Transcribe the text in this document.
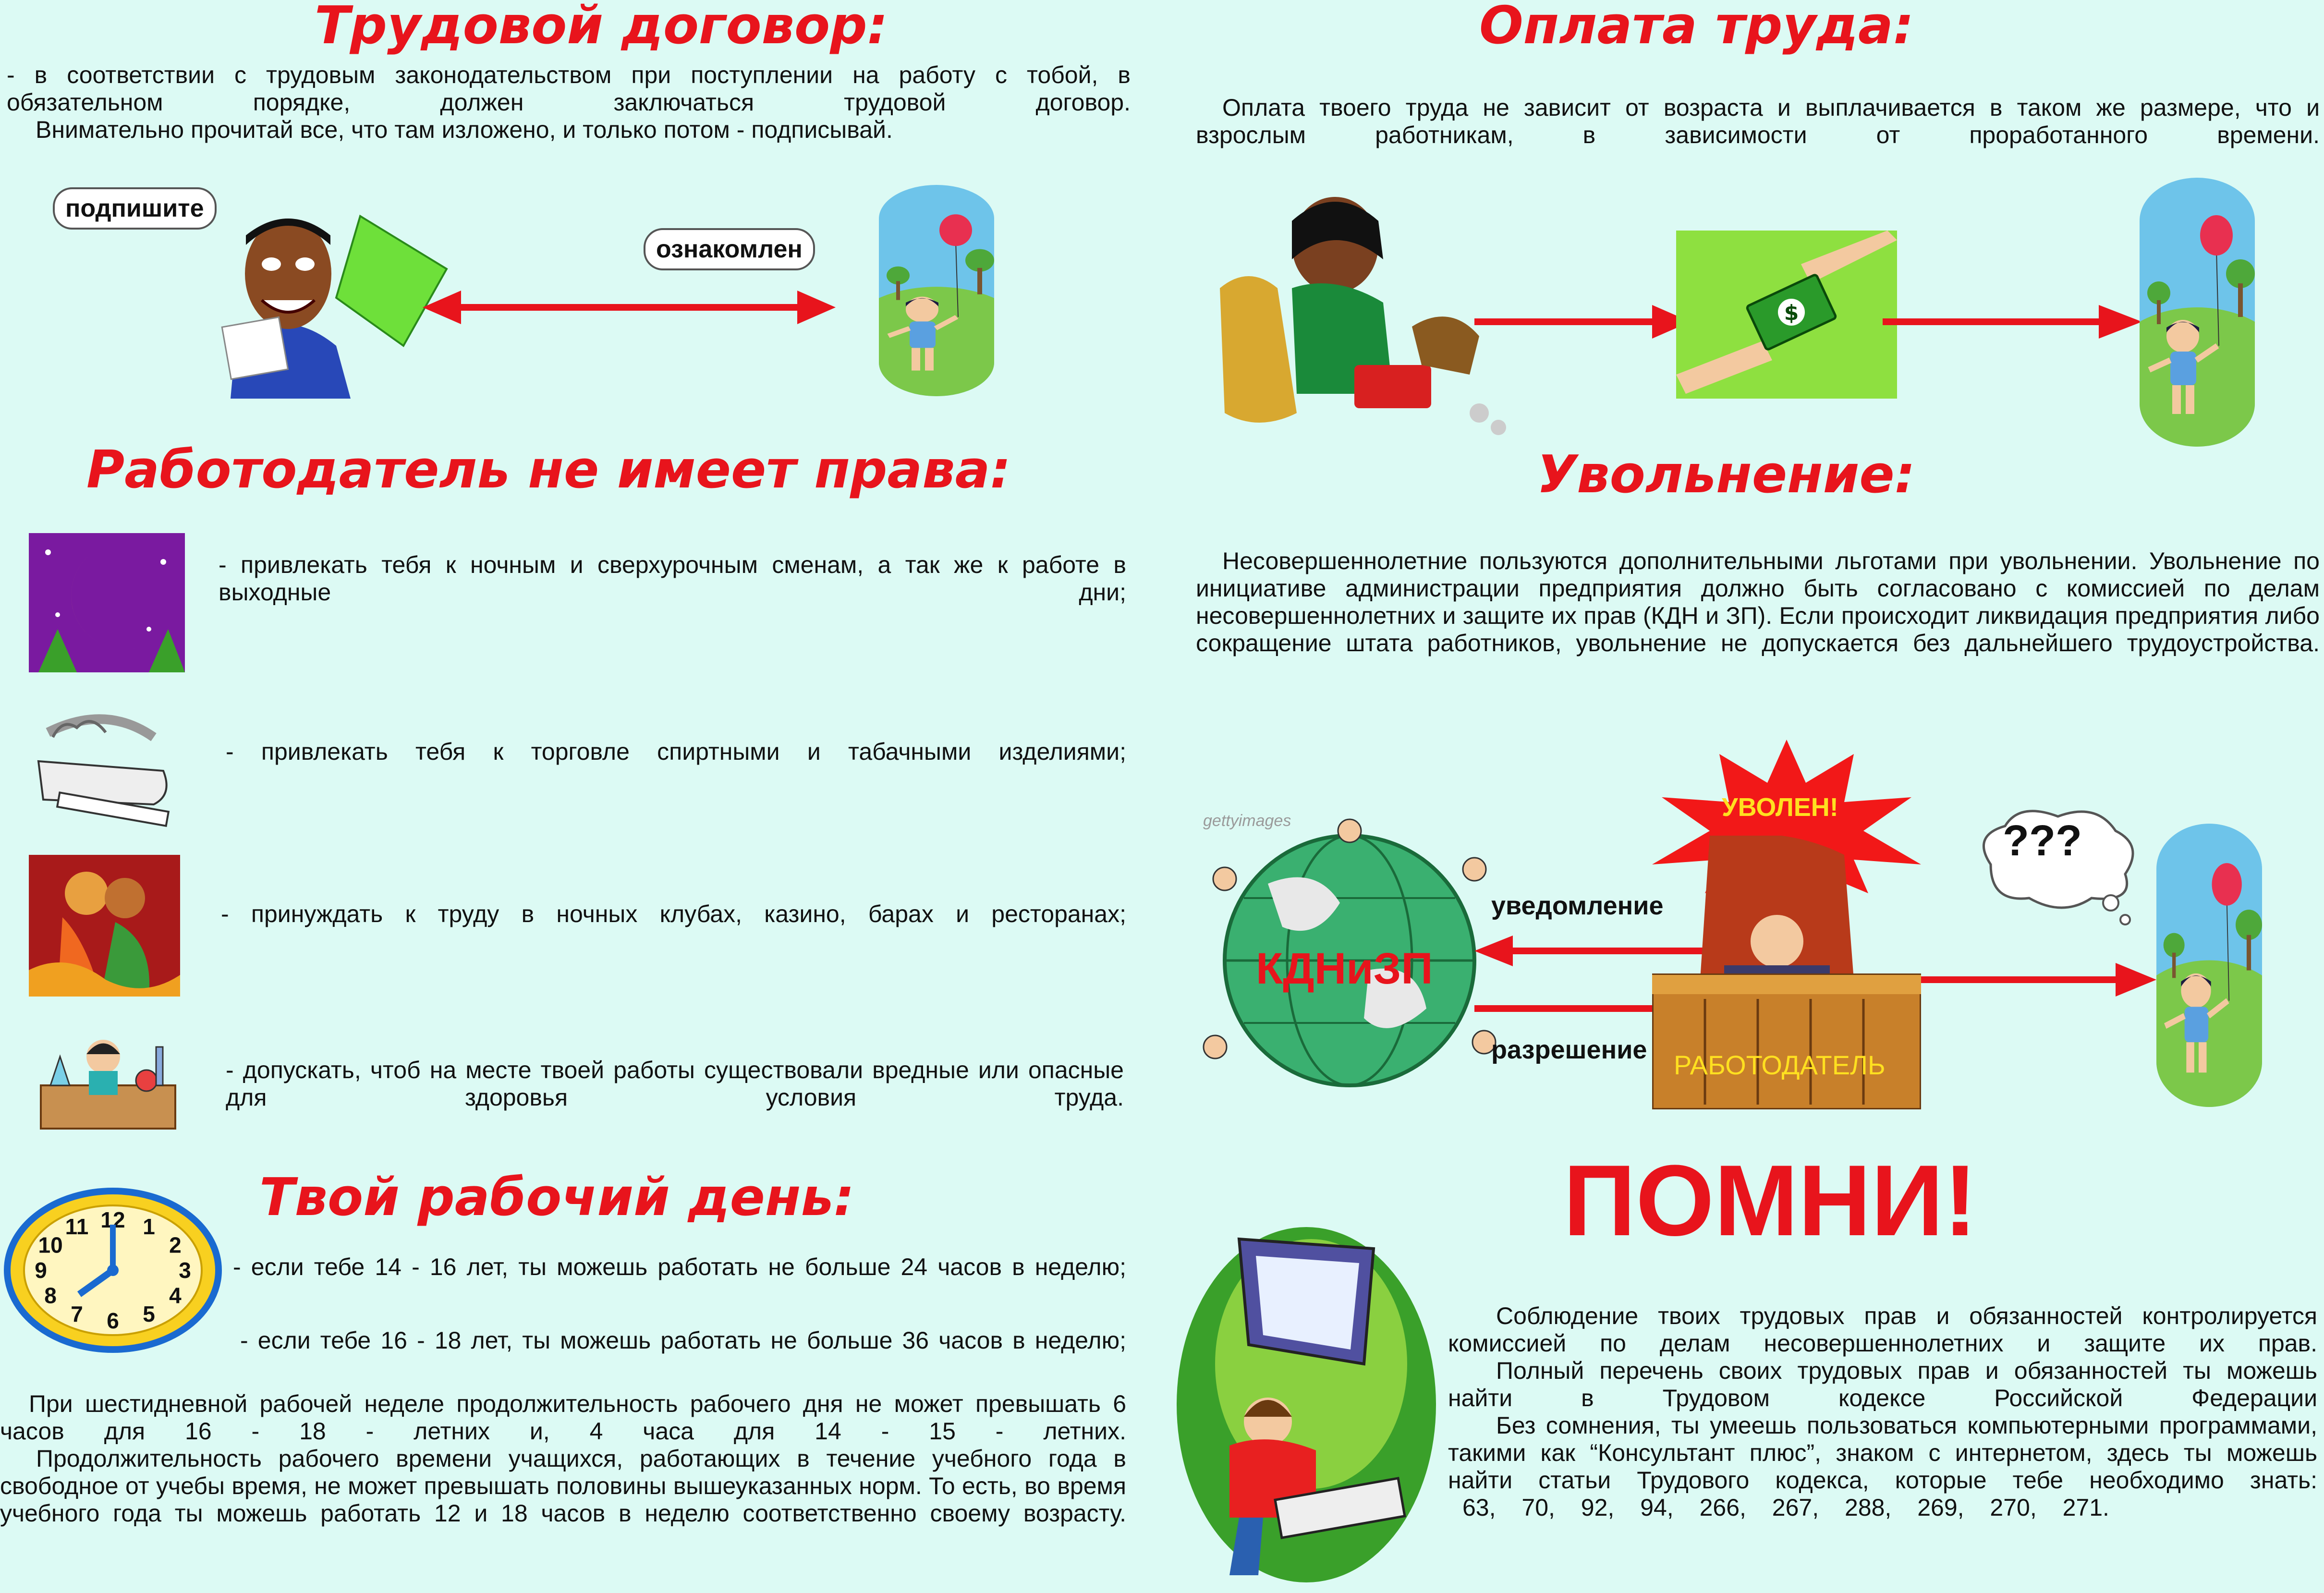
Трудовой договор:
- в соответствии с трудовым законодательством при поступлении на работу с тобой, в обязательном порядке, должен заключаться трудовой договор.
Внимательно прочитай все, что там изложено, и только потом - подписывай.
подпишите
ознакомлен
Работодатель не имеет права:
- привлекать тебя к ночным и сверхурочным сменам, а так же к работе в выходные дни;
- привлекать тебя к торговле спиртными и табачными изделиями;
- принуждать к труду в ночных клубах, казино, барах и ресторанах;
- допускать, чтоб на месте твоей работы существовали вредные или опасные для здоровья условия труда.
Твой рабочий день:
12 1
2
3
4
5
6
7
8
9
10
11
- если тебе 14 - 16 лет, ты можешь работать не больше 24 часов в неделю;
- если тебе 16 - 18 лет, ты можешь работать не больше 36 часов в неделю;
При шестидневной рабочей неделе продолжительность рабочего дня не может превышать 6 часов для 16 - 18 - летних и, 4 часа для 14 - 15 - летних.
Продолжительность рабочего времени учащихся, работающих в течение учебного года в свободное от учебы время, не может превышать половины вышеуказанных норм. То есть, во время учебного года ты можешь работать 12 и 18 часов в неделю соответственно своему возрасту.
Оплата труда:
Оплата твоего труда не зависит от возраста и выплачивается в таком же размере, что и взрослым работникам, в зависимости от проработанного времени.
$
Увольнение:
Несовершеннолетние пользуются дополнительными льготами при увольнении. Увольнение по инициативе администрации предприятия должно быть согласовано с комиссией по делам несовершеннолетних и защите их прав (КДН и ЗП). Если происходит ликвидация предприятия либо сокращение штата работников, увольнение не допускается без дальнейшего трудоустройства.
УВОЛЕН!
???
gettyimages
КДНиЗП
уведомление
разрешение РАБОТОДАТЕЛЬ
ПОМНИ!
Соблюдение твоих трудовых прав и обязанностей контролируется комиссией по делам несовершеннолетних и защите их прав.
Полный перечень своих трудовых прав и обязанностей ты можешь найти в Трудовом кодексе Российской Федерации
Без сомнения, ты умеешь пользоваться компьютерными программами, такими как “Консультант плюс”, знаком с интернетом, здесь ты можешь найти статьи Трудового кодекса, которые тебе необходимо знать:
63, 70, 92, 94, 266, 267, 288, 269, 270, 271.
